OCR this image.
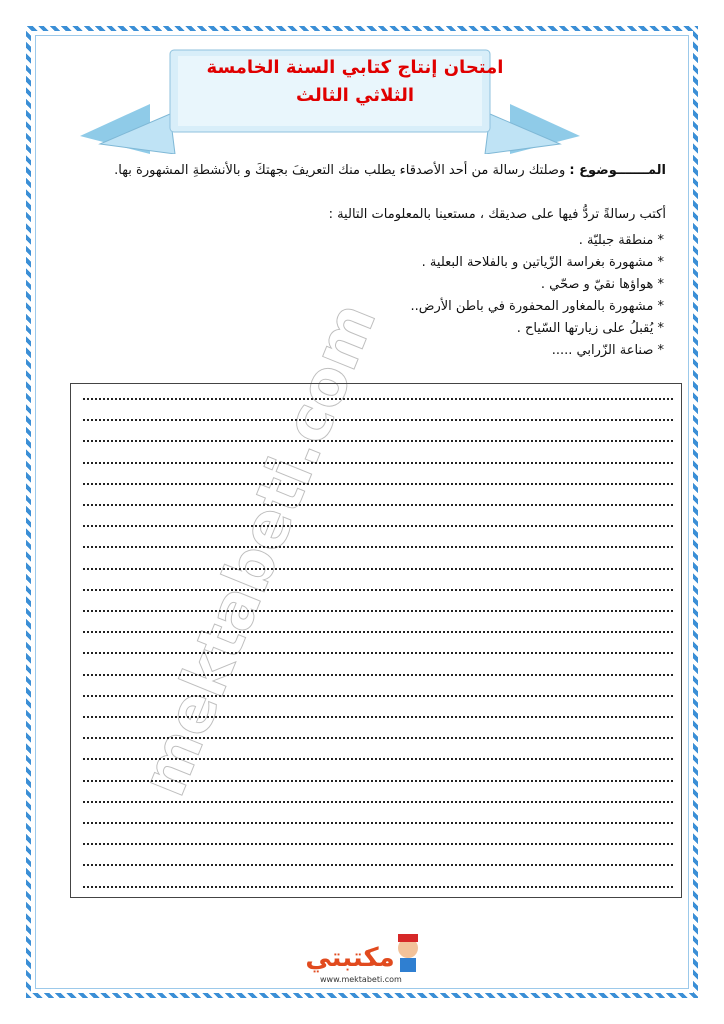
mektabeti.com
امتحان إنتاج كتابي السنة الخامسة
الثلاثي الثالث
المـــــــوضوع : وصلتك رسالة من أحد الأصدقاء يطلب منك التعريفَ بجهتكَ و بالأنشطةِ المشهورة بها.
أكتب رسالةً تردُّ فيها على صديقك ، مستعينا بالمعلومات التالية :
* منطقة جبليّة .
* مشهورة بغراسة الزّياتين و بالفلاحة البعلية .
* هواؤها نقيّ و صحّي .
* مشهورة بالمغاور المحفورة في باطن الأرض..
* يُقبلُ على زيارتها السّياح .
* صناعة الزّرابي .....
مكتبتي
www.mektabeti.com
